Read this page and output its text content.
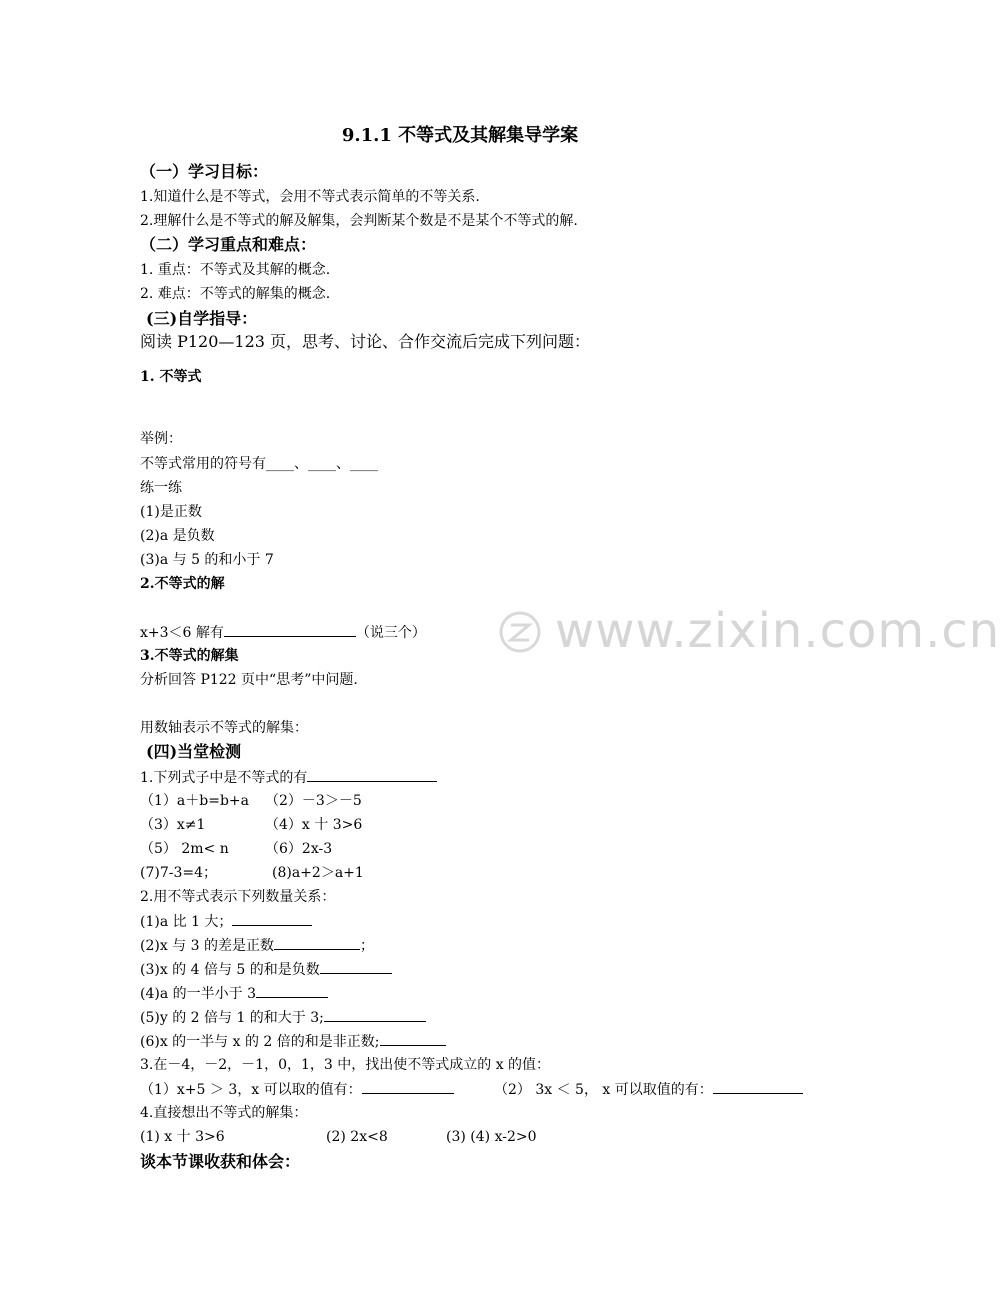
9.1.1 不等式及其解集导学案
（一）学习目标：
1.知道什么是不等式，会用不等式表示简单的不等关系.
2.理解什么是不等式的解及解集，会判断某个数是不是某个不等式的解.
（二）学习重点和难点：
1. 重点：不等式及其解的概念.
2. 难点：不等式的解集的概念.
(三)自学指导：
阅读 P120—123 页，思考、讨论、合作交流后完成下列问题：
1. 不等式
举例：
不等式常用的符号有____、____、____
练一练
(1)是正数
(2)a 是负数
(3)a 与 5 的和小于 7
2.不等式的解
x+3＜6 解有	（说三个）
3.不等式的解集
分析回答 P122 页中“思考”中问题.
用数轴表示不等式的解集：
(四)当堂检测
1.下列式子中是不等式的有
（1）a＋b=b+a （2）－3＞－5
（3）x≠1	（4）x 十 3>6
（5） 2m< n	（6）2x-3
(7)7-3=4；	(8)a+2＞a+1
2.用不等式表示下列数量关系：
(1)a 比 1 大；
(2)x 与 3 的差是正数	；
(3)x 的 4 倍与 5 的和是负数
(4)a 的一半小于 3
(5)y 的 2 倍与 1 的和大于 3;
(6)x 的一半与 x 的 2 倍的和是非正数;
3.在－4，－2，－1，0，1，3 中，找出使不等式成立的 x 的值：
（1）x+5 ＞ 3，x 可以取的值有：	（2） 3x ＜ 5， x 可以取值的有：
4.直接想出不等式的解集：
(1) x 十 3>6	(2) 2x<8	(3) (4) x-2>0
谈本节课收获和体会：
www.zixin.com.cn
